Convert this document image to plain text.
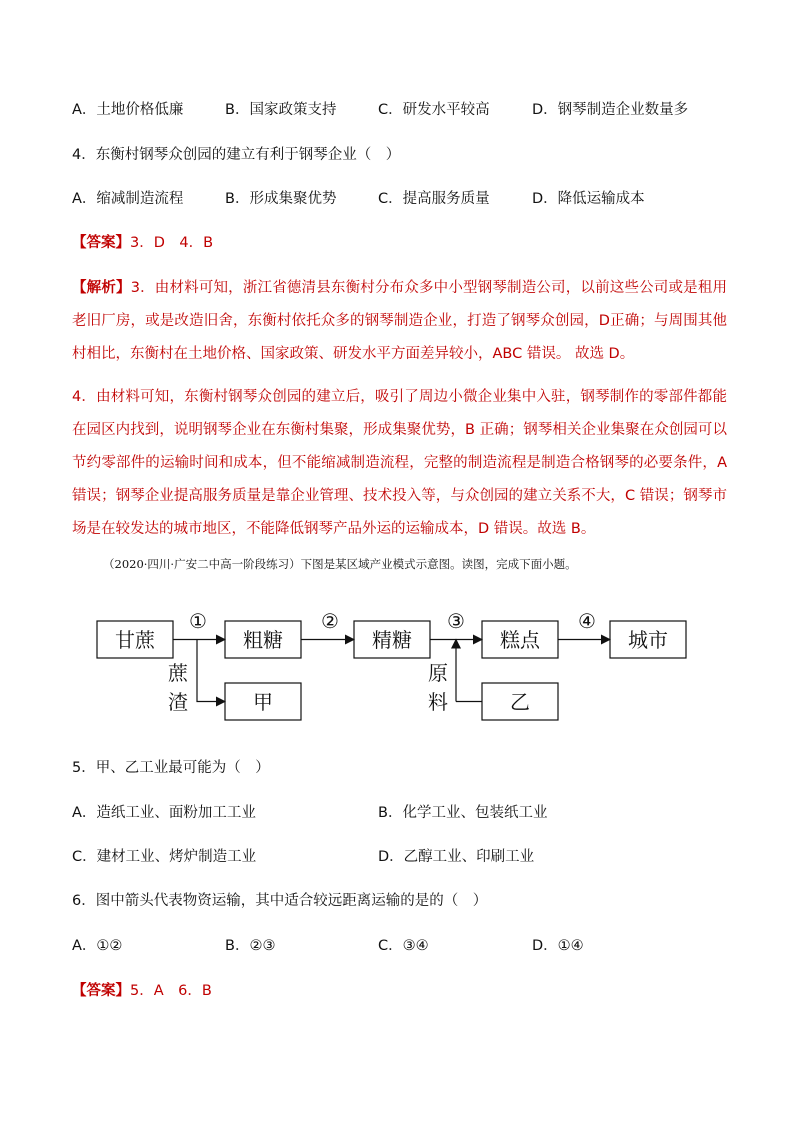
A．土地价格低廉	B．国家政策支持	C．研发水平较高	D．钢琴制造企业数量多
4．东衡村钢琴众创园的建立有利于钢琴企业（　）
A．缩减制造流程	B．形成集聚优势	C．提高服务质量	D．降低运输成本
【答案】3．D　4．B
【解析】3．由材料可知，浙江省德清县东衡村分布众多中小型钢琴制造公司，以前这些公司或是租用老旧厂房，或是改造旧舍，东衡村依托众多的钢琴制造企业，打造了钢琴众创园，D正确；与周围其他村相比，东衡村在土地价格、国家政策、研发水平方面差异较小，ABC 错误。 故选 D。
4．由材料可知，东衡村钢琴众创园的建立后，吸引了周边小微企业集中入驻，钢琴制作的零部件都能在园区内找到，说明钢琴企业在东衡村集聚，形成集聚优势，B 正确；钢琴相关企业集聚在众创园可以节约零部件的运输时间和成本，但不能缩减制造流程，完整的制造流程是制造合格钢琴的必要条件，A 错误；钢琴企业提高服务质量是靠企业管理、技术投入等，与众创园的建立关系不大，C 错误；钢琴市场是在较发达的城市地区，不能降低钢琴产品外运的运输成本，D 错误。故选 B。
（2020·四川·广安二中高一阶段练习）下图是某区域产业模式示意图。读图，完成下面小题。
甘蔗	粗糖	精糖	糕点	城市
甲	乙
①	②	③	④
蔗
渣
原
料
5．甲、乙工业最可能为（　）
A．造纸工业、面粉加工工业	B．化学工业、包装纸工业
C．建材工业、烤炉制造工业	D．乙醇工业、印刷工业
6．图中箭头代表物资运输，其中适合较远距离运输的是的（　）
A．①②	B．②③	C．③④	D．①④
【答案】5．A　6．B
